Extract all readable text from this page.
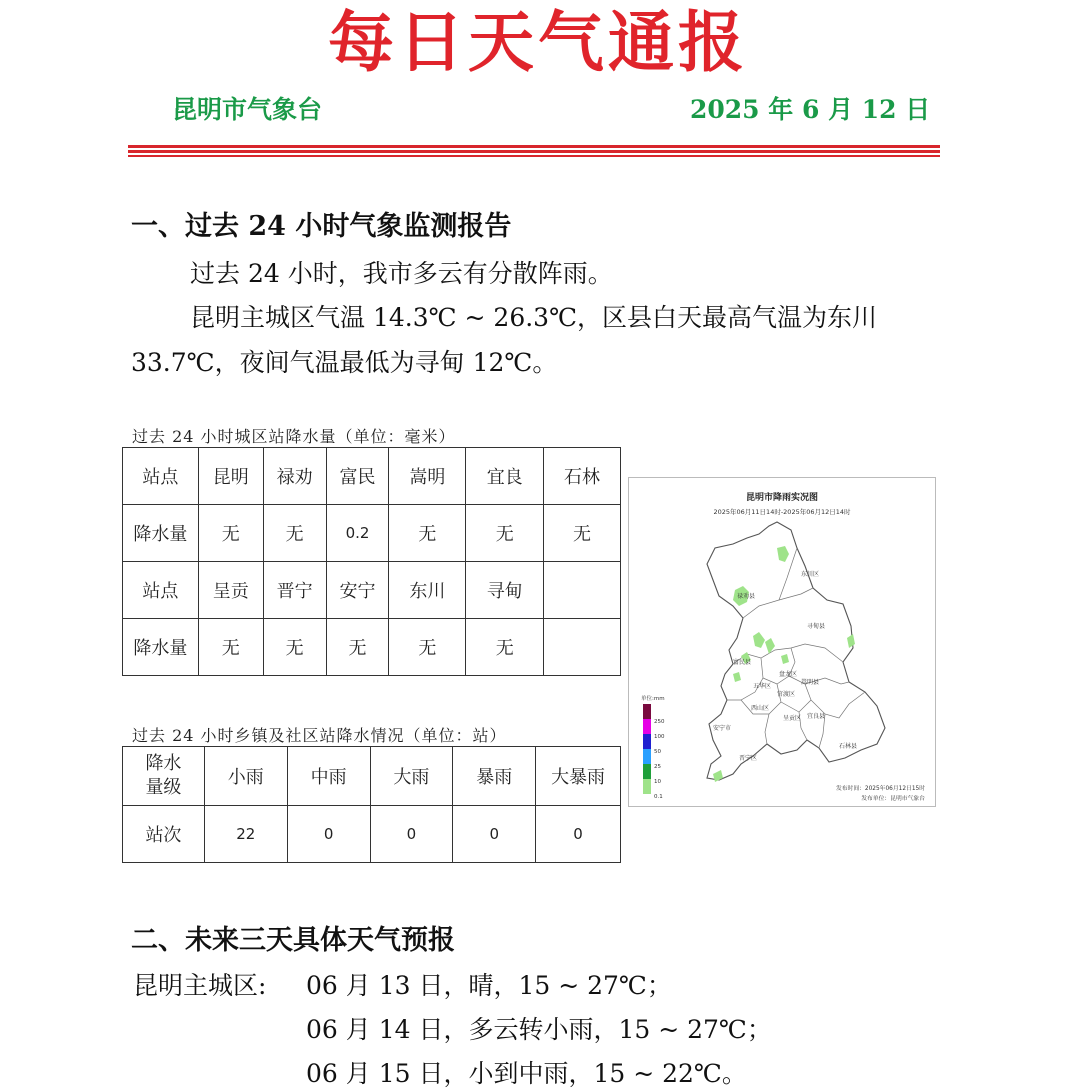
每日天气通报
昆明市气象台	2025 年 6 月 12 日
一、过去 24 小时气象监测报告
过去 24 小时，我市多云有分散阵雨。
昆明主城区气温 14.3℃ ~ 26.3℃，区县白天最高气温为东川
33.7℃，夜间气温最低为寻甸 12℃。
过去 24 小时城区站降水量（单位：毫米）
站点	昆明	禄劝	富民	嵩明	宜良	石林
降水量	无	无	0.2	无	无	无
站点	呈贡	晋宁	安宁	东川	寻甸	
降水量	无	无	无	无	无	
过去 24 小时乡镇及社区站降水情况（单位：站）
降水量级	小雨	中雨	大雨	暴雨	大暴雨
站次	22	0	0	0	0
昆明市降雨实况图
2025年06月11日14时-2025年06月12日14时
东川区
禄劝县
寻甸县
富民县
嵩明县
盘龙区
五华区
官渡区
西山区
呈贡区 宜良县
安宁市
晋宁区
石林县
单位:mm
250
100
50
25
10
0.1
发布时间：2025年06月12日15时
发布单位：昆明市气象台
二、未来三天具体天气预报
昆明主城区: 06 月 13 日，晴，15 ~ 27℃；
06 月 14 日，多云转小雨，15 ~ 27℃；
06 月 15 日，小到中雨，15 ~ 22℃。
